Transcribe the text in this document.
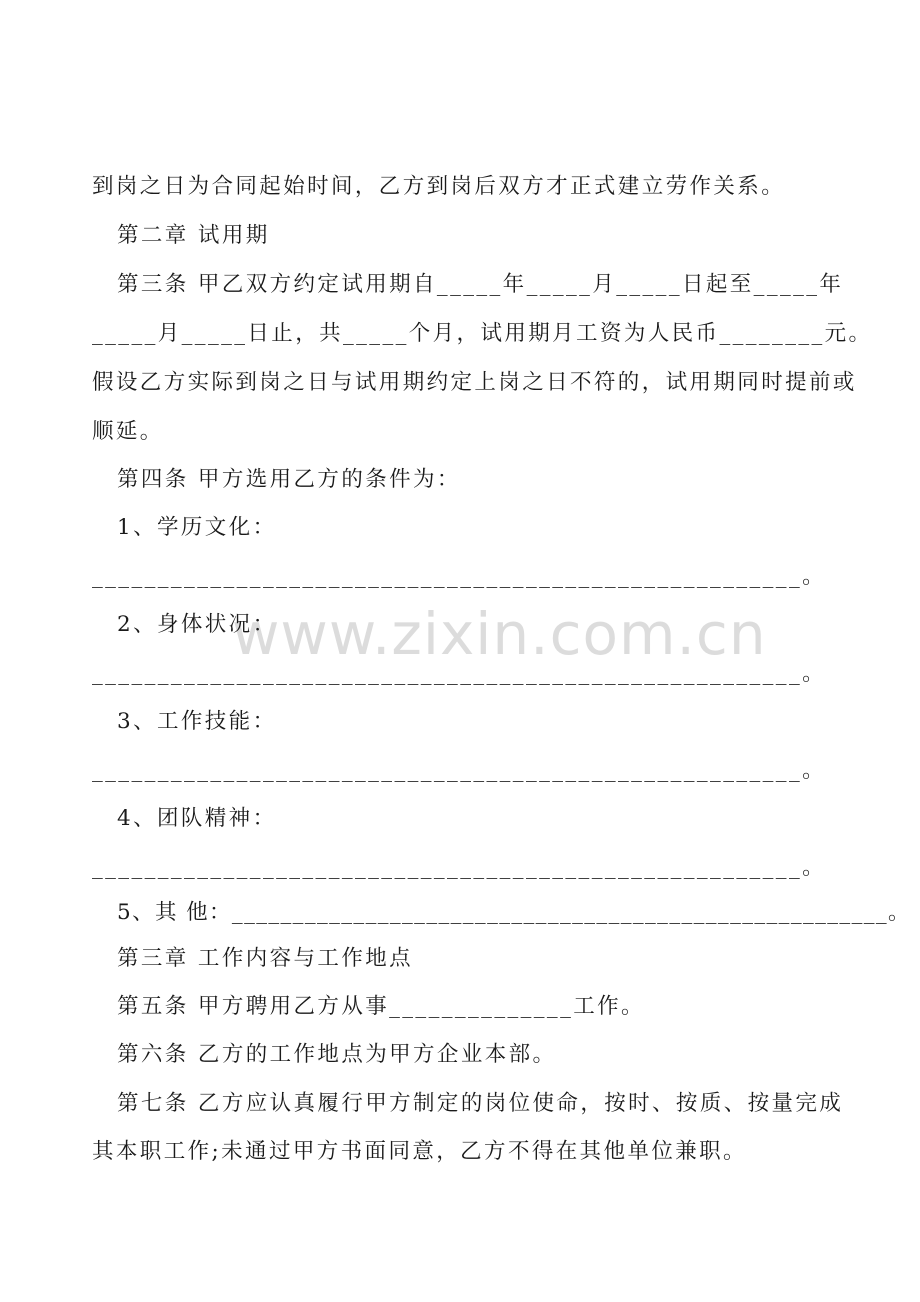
www.zixin.com.cn
到岗之日为合同起始时间，乙方到岗后双方才正式建立劳作关系。
第二章 试用期
第三条 甲乙双方约定试用期自_____年_____月_____日起至_____年
_____月_____日止，共_____个月，试用期月工资为人民币________元。
假设乙方实际到岗之日与试用期约定上岗之日不符的，试用期同时提前或
顺延。
第四条 甲方选用乙方的条件为：
1、学历文化：
______________________________________________________。
2、身体状况：
______________________________________________________。
3、工作技能：
______________________________________________________。
4、团队精神：
______________________________________________________。
5、其 他：______________________________________________________。
第三章 工作内容与工作地点
第五条 甲方聘用乙方从事______________工作。
第六条 乙方的工作地点为甲方企业本部。
第七条 乙方应认真履行甲方制定的岗位使命，按时、按质、按量完成
其本职工作;未通过甲方书面同意，乙方不得在其他单位兼职。
